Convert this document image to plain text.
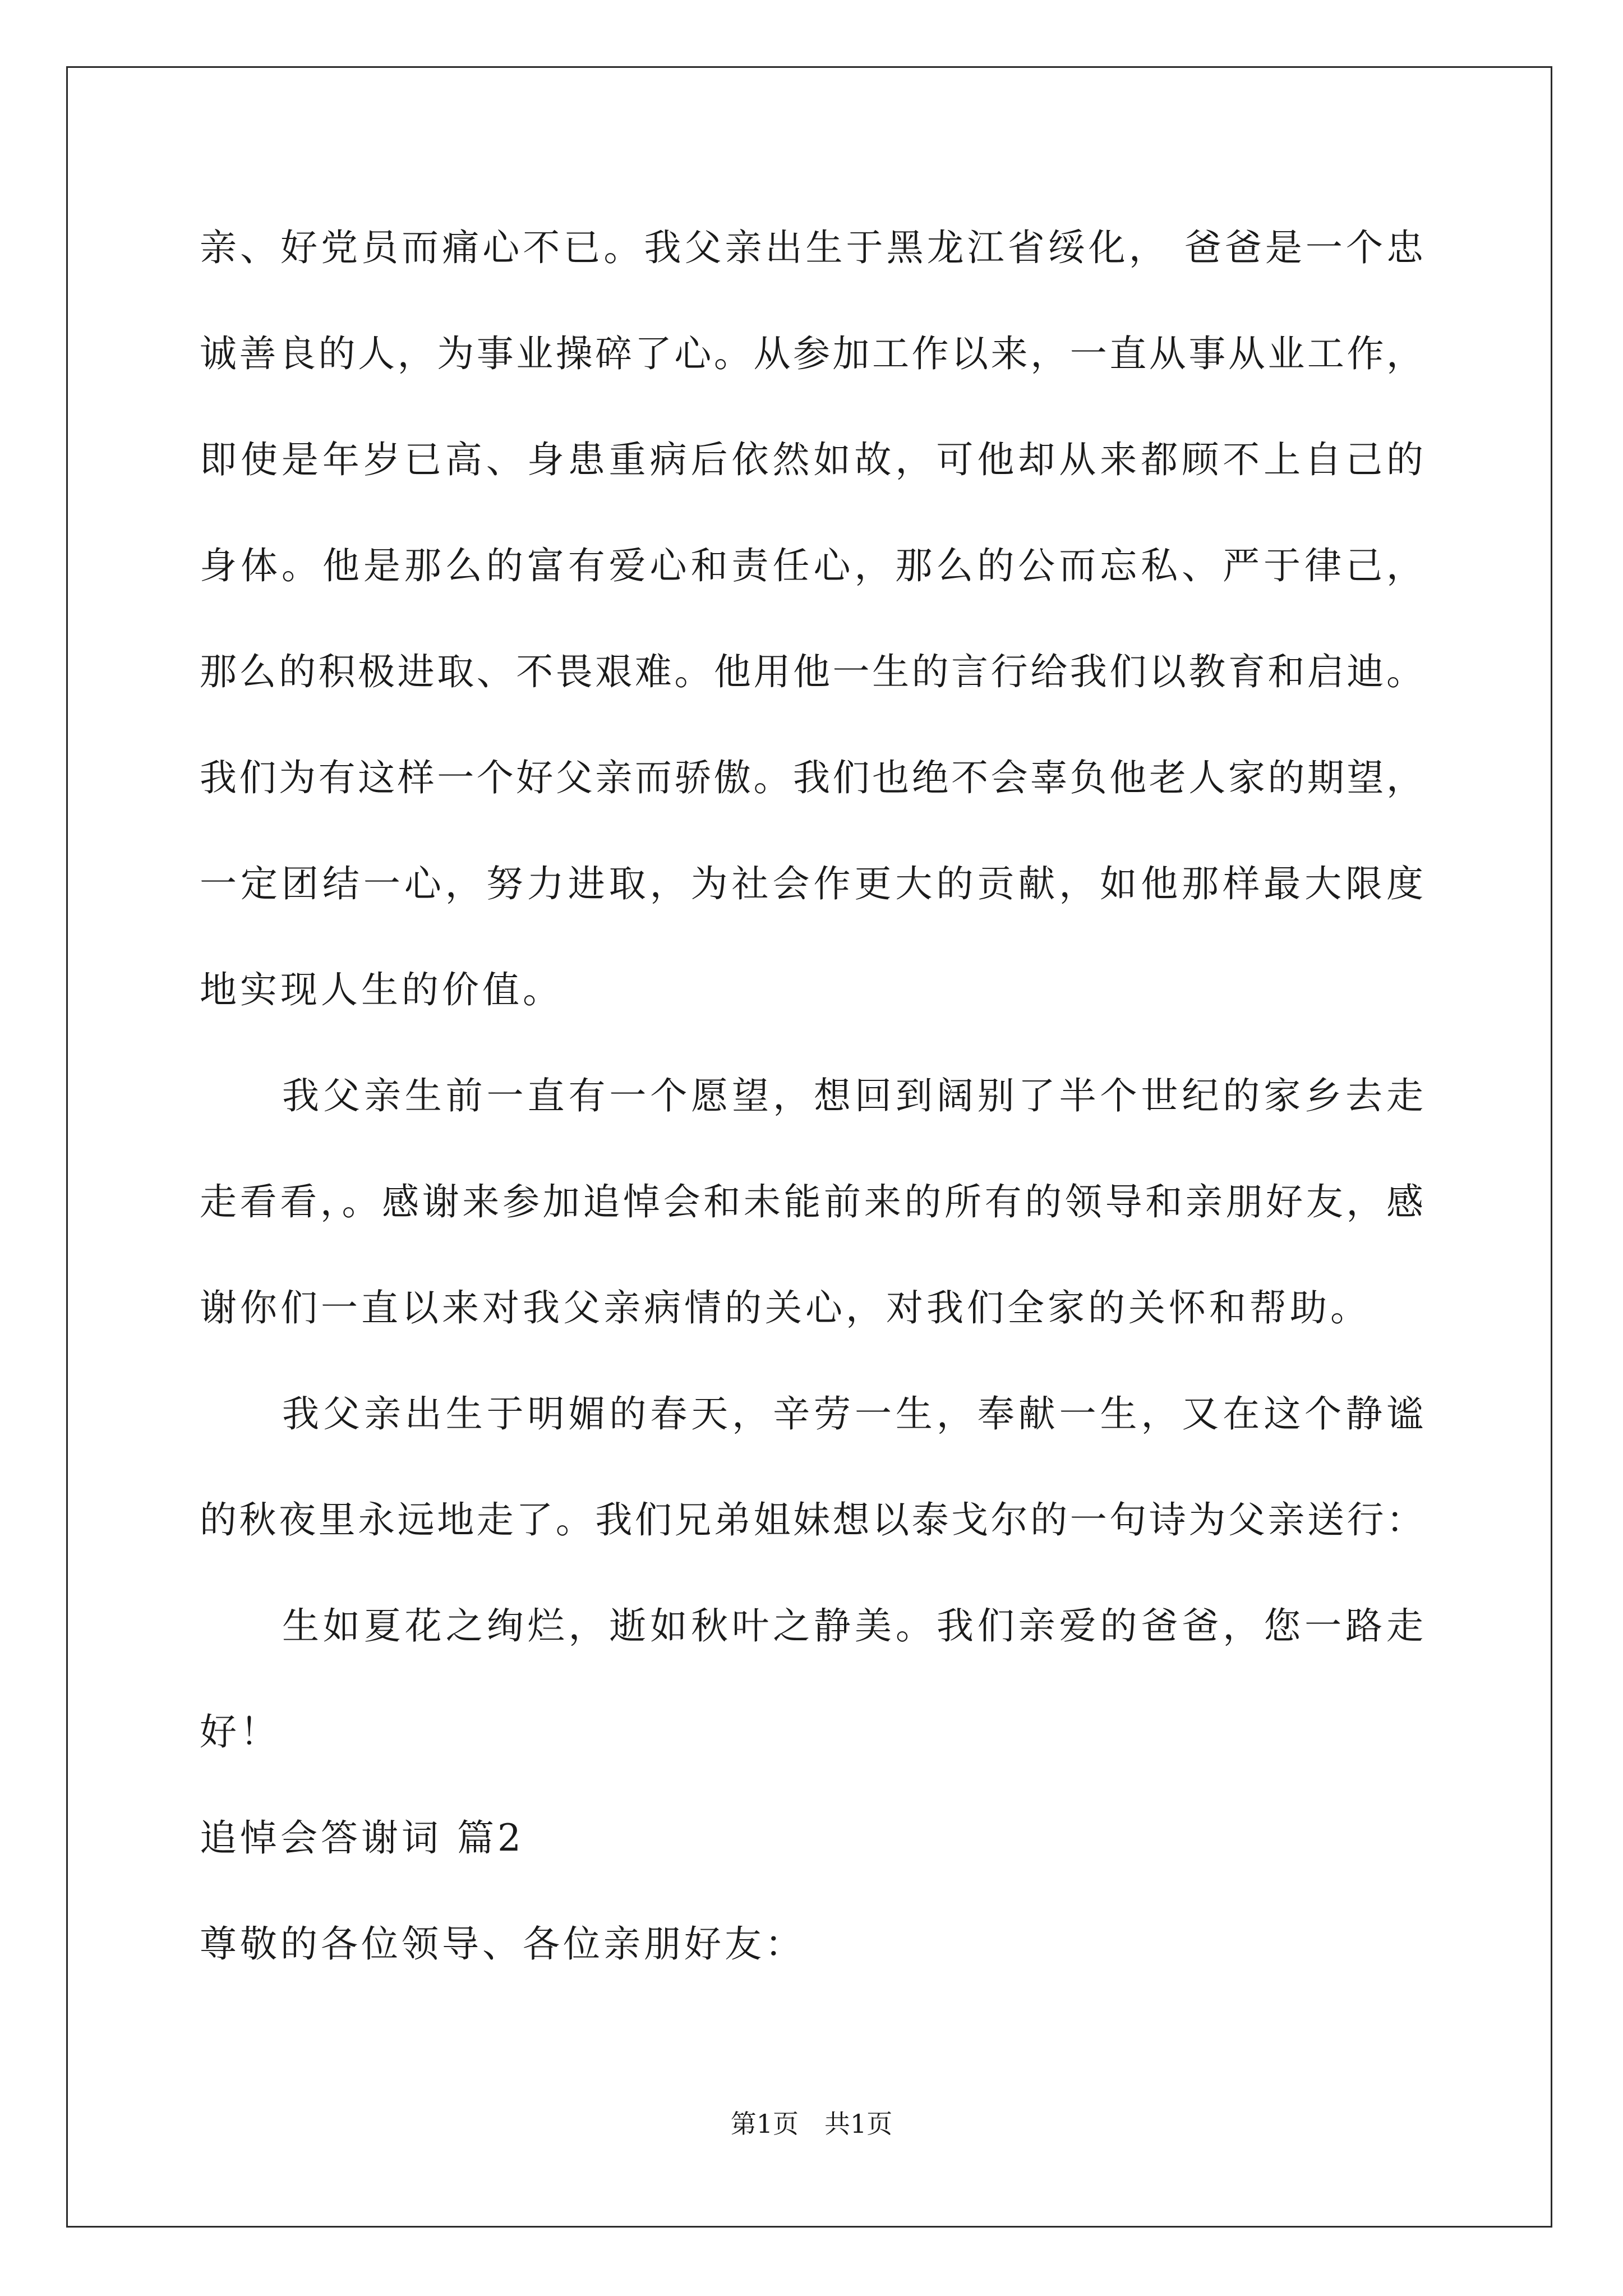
亲、好党员而痛心不已。我父亲出生于黑龙江省绥化， 爸爸是一个忠
诚善良的人，为事业操碎了心。从参加工作以来，一直从事从业工作，
即使是年岁已高、身患重病后依然如故，可他却从来都顾不上自己的
身体。他是那么的富有爱心和责任心，那么的公而忘私、严于律己，
那么的积极进取、不畏艰难。他用他一生的言行给我们以教育和启迪。
我们为有这样一个好父亲而骄傲。我们也绝不会辜负他老人家的期望，
一定团结一心，努力进取，为社会作更大的贡献，如他那样最大限度
地实现人生的价值。
我父亲生前一直有一个愿望，想回到阔别了半个世纪的家乡去走
走看看，。感谢来参加追悼会和未能前来的所有的领导和亲朋好友，感
谢你们一直以来对我父亲病情的关心，对我们全家的关怀和帮助。
我父亲出生于明媚的春天，辛劳一生，奉献一生，又在这个静谧
的秋夜里永远地走了。我们兄弟姐妹想以泰戈尔的一句诗为父亲送行：
生如夏花之绚烂，逝如秋叶之静美。我们亲爱的爸爸，您一路走
好！
追悼会答谢词 篇2
尊敬的各位领导、各位亲朋好友：
第1页　共1页
